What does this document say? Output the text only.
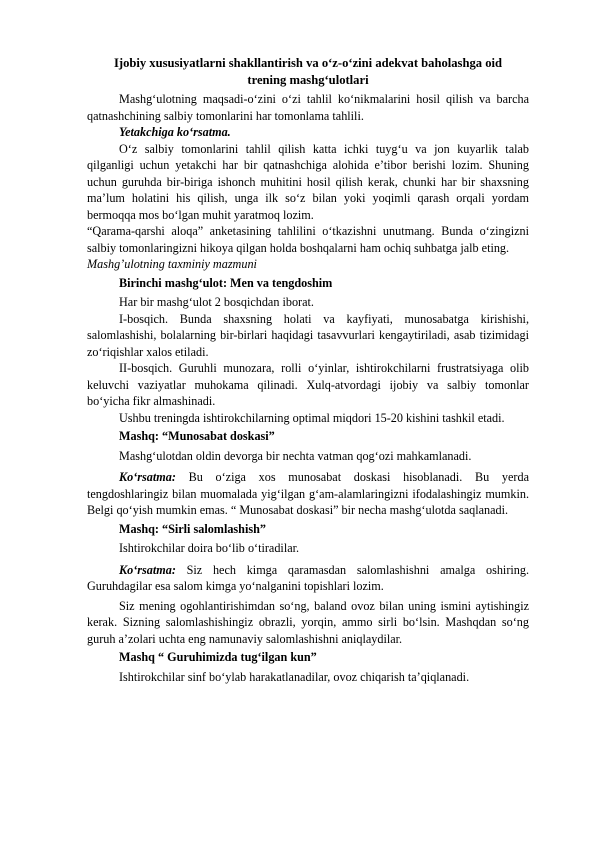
Ijobiy xususiyatlarni shakllantirish va o‘z-o‘zini adekvat baholashga oid trening mashg‘ulotlari

Mashg‘ulotning maqsadi-o‘zini o‘zi tahlil ko‘nikmalarini hosil qilish va barcha qatnashchining salbiy tomonlarini har tomonlama tahlili.

Yetakchiga ko‘rsatma.

O‘z salbiy tomonlarini tahlil qilish katta ichki tuyg‘u va jon kuyarlik talab qilganligi uchun yetakchi har bir qatnashchiga alohida e’tibor berishi lozim. Shuning uchun guruhda bir-biriga ishonch muhitini hosil qilish kerak, chunki har bir shaxsning ma’lum holatini his qilish, unga ilk so‘z bilan yoki yoqimli qarash orqali yordam bermoqqa mos bo‘lgan muhit yaratmoq lozim.

“Qarama-qarshi aloqa” anketasining tahlilini o‘tkazishni unutmang. Bunda o‘zingizni salbiy tomonlaringizni hikoya qilgan holda boshqalarni ham ochiq suhbatga jalb eting.

Mashg’ulotning taxminiy mazmuni

Birinchi mashg‘ulot: Men va tengdoshim

Har bir mashg‘ulot 2 bosqichdan iborat.

I-bosqich. Bunda shaxsning holati va kayfiyati, munosabatga kirishishi, salomlashishi, bolalarning bir-birlari haqidagi tasavvurlari kengaytiriladi, asab tizimidagi zo‘riqishlar xalos etiladi.

II-bosqich. Guruhli munozara, rolli o‘yinlar, ishtirokchilarni frustratsiyaga olib keluvchi vaziyatlar muhokama qilinadi. Xulq-atvordagi ijobiy va salbiy tomonlar bo‘yicha fikr almashinadi.

Ushbu treningda ishtirokchilarning optimal miqdori 15-20 kishini tashkil etadi.

Mashq: “Munosabat doskasi”

Mashg‘ulotdan oldin devorga bir nechta vatman qog‘ozi mahkamlanadi.

Ko‘rsatma: Bu o‘ziga xos munosabat doskasi hisoblanadi. Bu yerda tengdoshlaringiz bilan muomalada yig‘ilgan g‘am-alamlaringizni ifodalashingiz mumkin. Belgi qo‘yish mumkin emas. “ Munosabat doskasi” bir necha mashg‘ulotda saqlanadi.

Mashq: “Sirli salomlashish”

Ishtirokchilar doira bo‘lib o‘tiradilar.

Ko‘rsatma: Siz hech kimga qaramasdan salomlashishni amalga oshiring. Guruhdagilar esa salom kimga yo‘nalganini topishlari lozim.

Siz mening ogohlantirishimdan so‘ng, baland ovoz bilan uning ismini aytishingiz kerak. Sizning salomlashishingiz obrazli, yorqin, ammo sirli bo‘lsin. Mashqdan so‘ng guruh a’zolari uchta eng namunaviy salomlashishni aniqlaydilar.

Mashq “ Guruhimizda tug‘ilgan kun”

Ishtirokchilar sinf bo‘ylab harakatlanadilar, ovoz chiqarish ta’qiqlanadi.
